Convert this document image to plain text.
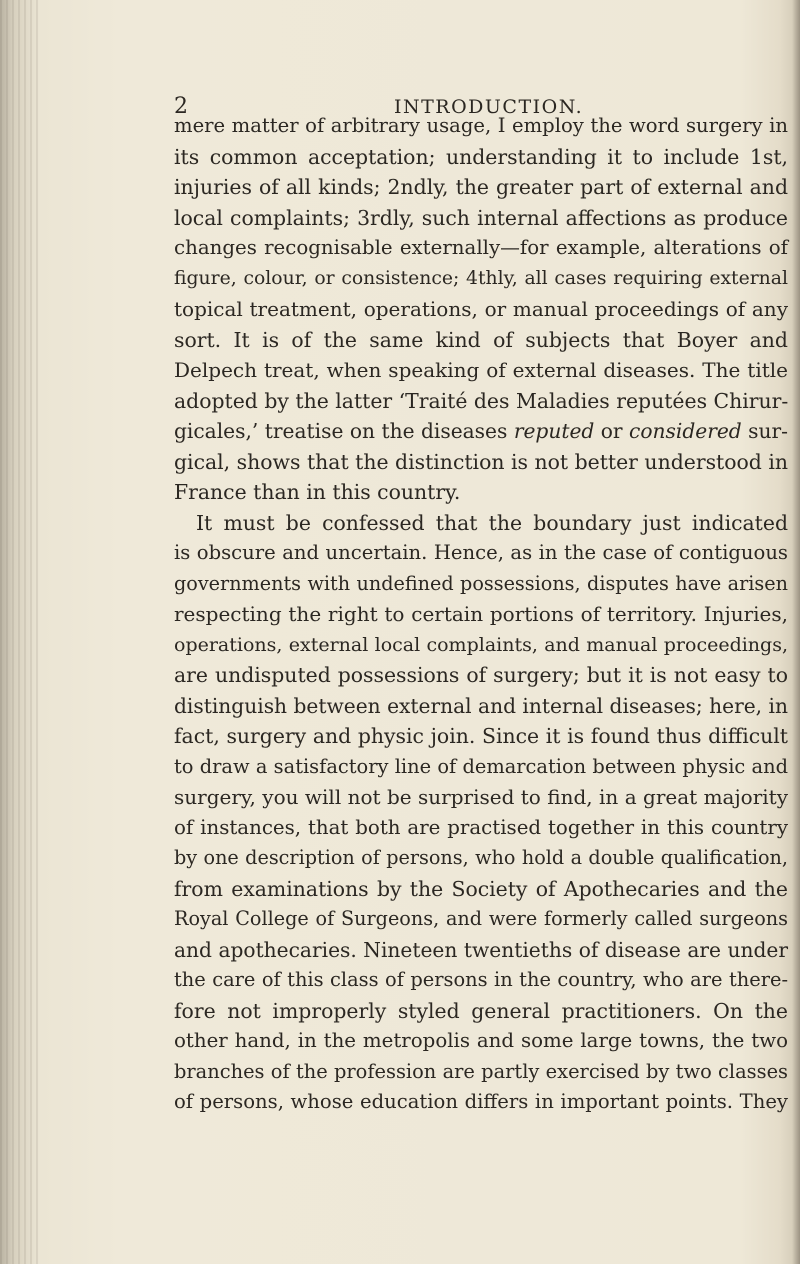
2	INTRODUCTION.
mere matter of arbitrary usage, I employ the word surgery in
its common acceptation; understanding it to include 1st,
injuries of all kinds; 2ndly, the greater part of external and
local complaints; 3rdly, such internal affections as produce
changes recognisable externally—for example, alterations of
figure, colour, or consistence; 4thly, all cases requiring external
topical treatment, operations, or manual proceedings of any
sort. It is of the same kind of subjects that Boyer and
Delpech treat, when speaking of external diseases. The title
adopted by the latter ‘Traité des Maladies reputées Chirur-
gicales,’ treatise on the diseases reputed or considered sur-
gical, shows that the distinction is not better understood in
France than in this country.
It must be confessed that the boundary just indicated
is obscure and uncertain. Hence, as in the case of contiguous
governments with undefined possessions, disputes have arisen
respecting the right to certain portions of territory. Injuries,
operations, external local complaints, and manual proceedings,
are undisputed possessions of surgery; but it is not easy to
distinguish between external and internal diseases; here, in
fact, surgery and physic join. Since it is found thus difficult
to draw a satisfactory line of demarcation between physic and
surgery, you will not be surprised to find, in a great majority
of instances, that both are practised together in this country
by one description of persons, who hold a double qualification,
from examinations by the Society of Apothecaries and the
Royal College of Surgeons, and were formerly called surgeons
and apothecaries. Nineteen twentieths of disease are under
the care of this class of persons in the country, who are there-
fore not improperly styled general practitioners. On the
other hand, in the metropolis and some large towns, the two
branches of the profession are partly exercised by two classes
of persons, whose education differs in important points. They
